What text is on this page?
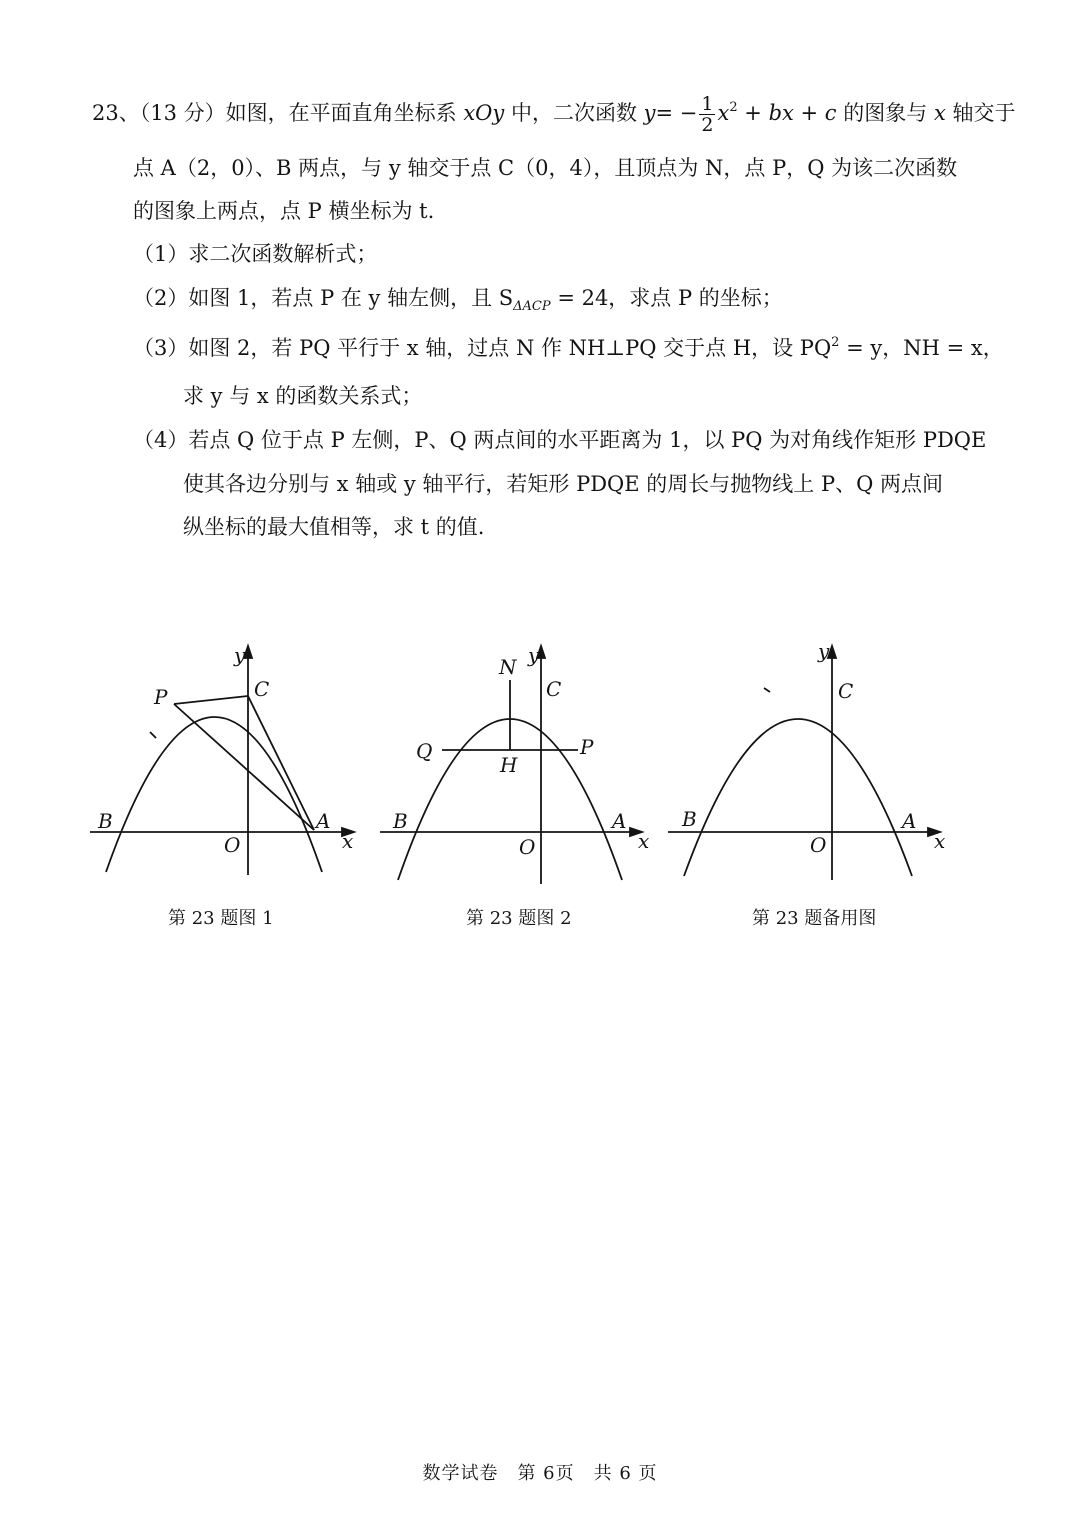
23、（13 分）如图，在平面直角坐标系 xOy 中，二次函数 $y= - \frac{1}{2} x^2$ + bx + c 的图象与 x 轴交于
点 A（2，0）、B 两点，与 y 轴交于点 C（0，4），且顶点为 N，点 P，Q 为该二次函数
的图象上两点，点 P 横坐标为 t.
（1）求二次函数解析式；
（2）如图 1，若点 P 在 y 轴左侧，且 $S_{\Delta ACP} = 24$，求点 P 的坐标；
（3）如图 2，若 PQ 平行于 x 轴，过点 N 作 NH⊥PQ 交于点 H，设 $PQ^2 = y$，NH = x，
求 y 与 x 的函数关系式；
（4）若点 Q 位于点 P 左侧，P、Q 两点间的水平距离为 1，以 PQ 为对角线作矩形 PDQE
使其各边分别与 x 轴或 y 轴平行，若矩形 PDQE 的周长与抛物线上 P、Q 两点间
纵坐标的最大值相等，求 t 的值.
y
C
P
B	A
O	x
第 23 题图 1
N y
C
Q	P
H
B	A
O	x
第 23 题图 2
y
C
B	A
O	x
第 23 题备用图
数学试卷　第 6页　共 6 页
